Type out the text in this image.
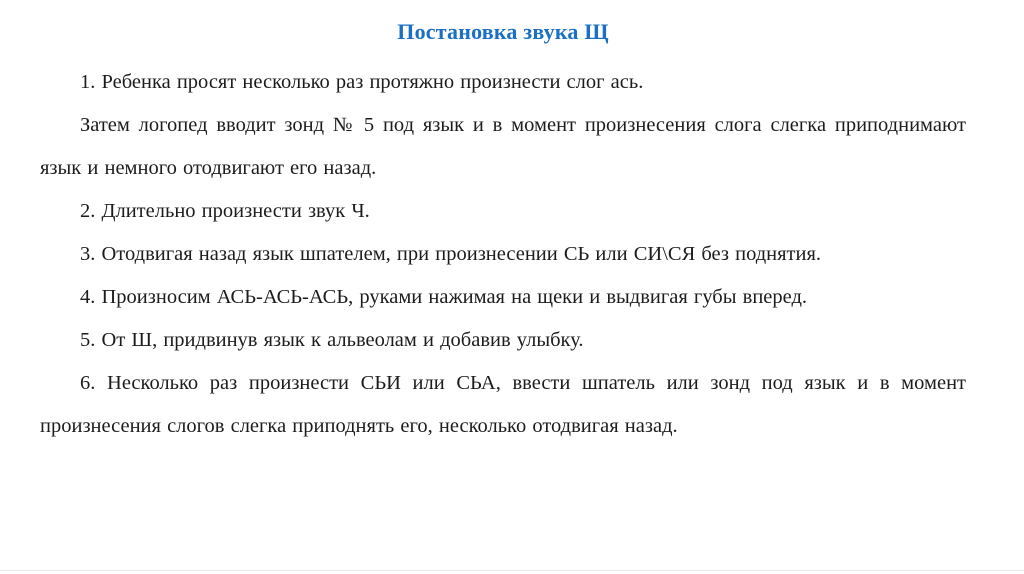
Постановка звука Щ

1. Ребенка просят несколько раз протяжно произнести слог ась.

Затем логопед вводит зонд № 5 под язык и в момент произнесения слога слегка приподнимают язык и немного отодвигают его назад.

2. Длительно произнести звук Ч.

3. Отодвигая назад язык шпателем, при произнесении СЬ или СИ\СЯ без поднятия.

4. Произносим АСЬ-АСЬ-АСЬ, руками нажимая на щеки и выдвигая губы вперед.

5. От Ш, придвинув язык к альвеолам и добавив улыбку.

6. Несколько раз произнести СЬИ или СЬА, ввести шпатель или зонд под язык и в момент произнесения слогов слегка приподнять его, несколько отодвигая назад.
